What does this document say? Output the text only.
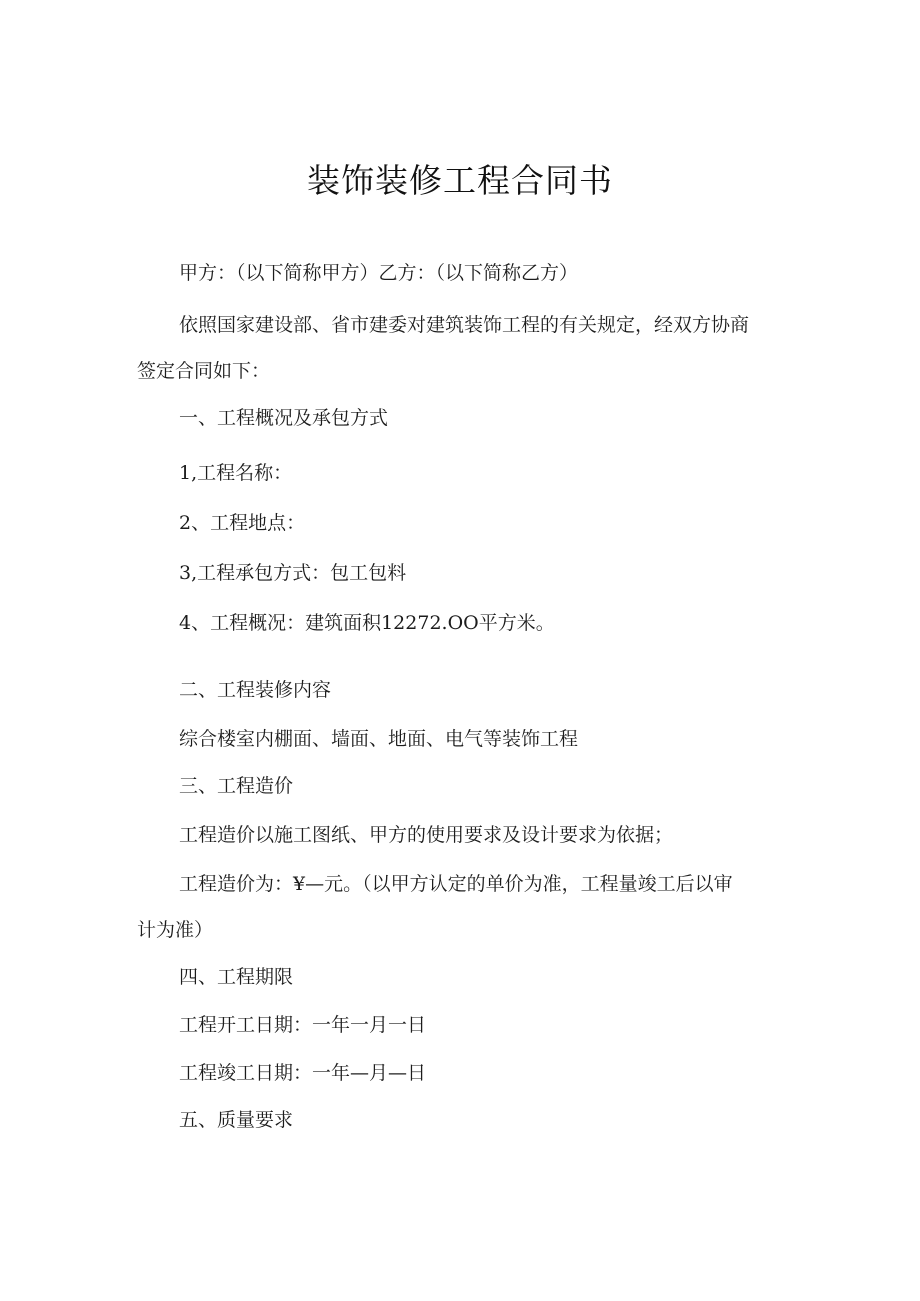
装饰装修工程合同书
甲方：（以下简称甲方）乙方：（以下简称乙方）
依照国家建设部、省市建委对建筑装饰工程的有关规定，经双方协商
签定合同如下：
一、工程概况及承包方式
1,工程名称：
2、工程地点：
3,工程承包方式：包工包料
4、工程概况：建筑面积12272.OO平方米。
二、工程装修内容
综合楼室内棚面、墙面、地面、电气等装饰工程
三、工程造价
工程造价以施工图纸、甲方的使用要求及设计要求为依据；
工程造价为：¥—元。（以甲方认定的单价为准，工程量竣工后以审
计为准）
四、工程期限
工程开工日期：一年一月一日
工程竣工日期：一年—月—日
五、质量要求
